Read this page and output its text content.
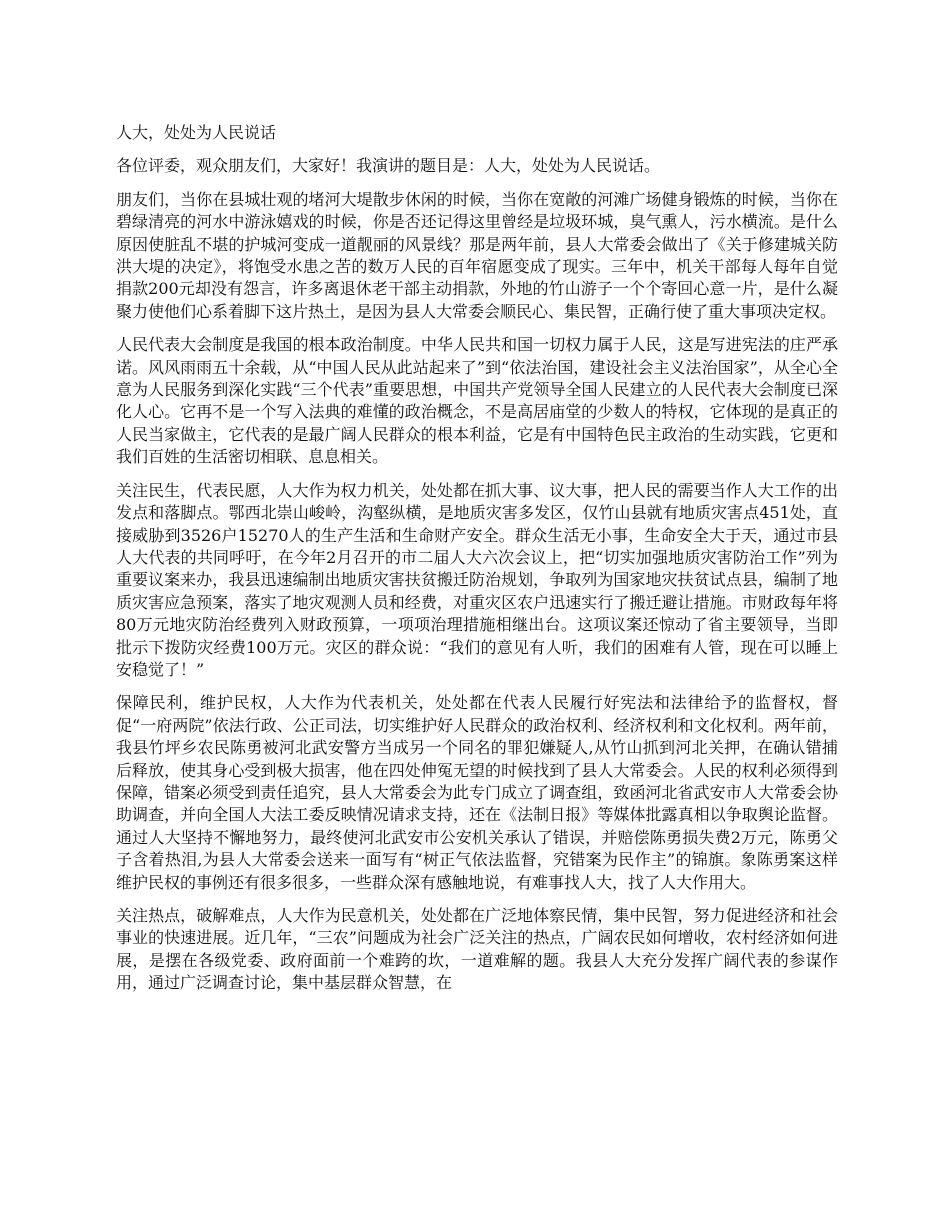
人大，处处为人民说话

各位评委，观众朋友们，大家好！我演讲的题目是：人大，处处为人民说话。

朋友们，当你在县城壮观的堵河大堤散步休闲的时候，当你在宽敞的河滩广场健身锻炼的时候，当你在碧绿清亮的河水中游泳嬉戏的时候，你是否还记得这里曾经是垃圾环城，臭气熏人，污水横流。是什么原因使脏乱不堪的护城河变成一道靓丽的风景线？那是两年前，县人大常委会做出了《关于修建城关防洪大堤的决定》，将饱受水患之苦的数万人民的百年宿愿变成了现实。三年中，机关干部每人每年自觉捐款200元却没有怨言，许多离退休老干部主动捐款，外地的竹山游子一个个寄回心意一片，是什么凝聚力使他们心系着脚下这片热土，是因为县人大常委会顺民心、集民智，正确行使了重大事项决定权。

人民代表大会制度是我国的根本政治制度。中华人民共和国一切权力属于人民，这是写进宪法的庄严承诺。风风雨雨五十余载，从“中国人民从此站起来了”到“依法治国，建设社会主义法治国家”，从全心全意为人民服务到深化实践“三个代表”重要思想，中国共产党领导全国人民建立的人民代表大会制度已深化人心。它再不是一个写入法典的难懂的政治概念，不是高居庙堂的少数人的特权，它体现的是真正的人民当家做主，它代表的是最广阔人民群众的根本利益，它是有中国特色民主政治的生动实践，它更和我们百姓的生活密切相联、息息相关。

关注民生，代表民愿，人大作为权力机关，处处都在抓大事、议大事，把人民的需要当作人大工作的出发点和落脚点。鄂西北崇山峻岭，沟壑纵横，是地质灾害多发区，仅竹山县就有地质灾害点451处，直接威胁到3526户15270人的生产生活和生命财产安全。群众生活无小事，生命安全大于天，通过市县人大代表的共同呼吁，在今年2月召开的市二届人大六次会议上，把“切实加强地质灾害防治工作”列为重要议案来办，我县迅速编制出地质灾害扶贫搬迁防治规划，争取列为国家地灾扶贫试点县，编制了地质灾害应急预案，落实了地灾观测人员和经费，对重灾区农户迅速实行了搬迁避让措施。市财政每年将80万元地灾防治经费列入财政预算，一项项治理措施相继出台。这项议案还惊动了省主要领导，当即批示下拨防灾经费100万元。灾区的群众说：“我们的意见有人听，我们的困难有人管，现在可以睡上安稳觉了！”

保障民利，维护民权，人大作为代表机关，处处都在代表人民履行好宪法和法律给予的监督权，督促“一府两院”依法行政、公正司法，切实维护好人民群众的政治权利、经济权利和文化权利。两年前，我县竹坪乡农民陈勇被河北武安警方当成另一个同名的罪犯嫌疑人,从竹山抓到河北关押，在确认错捕后释放，使其身心受到极大损害，他在四处伸冤无望的时候找到了县人大常委会。人民的权利必须得到保障，错案必须受到责任追究，县人大常委会为此专门成立了调查组，致函河北省武安市人大常委会协助调查，并向全国人大法工委反映情况请求支持，还在《法制日报》等媒体批露真相以争取舆论监督。通过人大坚持不懈地努力，最终使河北武安市公安机关承认了错误，并赔偿陈勇损失费2万元，陈勇父子含着热泪,为县人大常委会送来一面写有“树正气依法监督，究错案为民作主”的锦旗。象陈勇案这样维护民权的事例还有很多很多，一些群众深有感触地说，有难事找人大，找了人大作用大。

关注热点，破解难点，人大作为民意机关，处处都在广泛地体察民情，集中民智，努力促进经济和社会事业的快速进展。近几年，“三农”问题成为社会广泛关注的热点，广阔农民如何增收，农村经济如何进展，是摆在各级党委、政府面前一个难跨的坎，一道难解的题。我县人大充分发挥广阔代表的参谋作用，通过广泛调查讨论，集中基层群众智慧，在
